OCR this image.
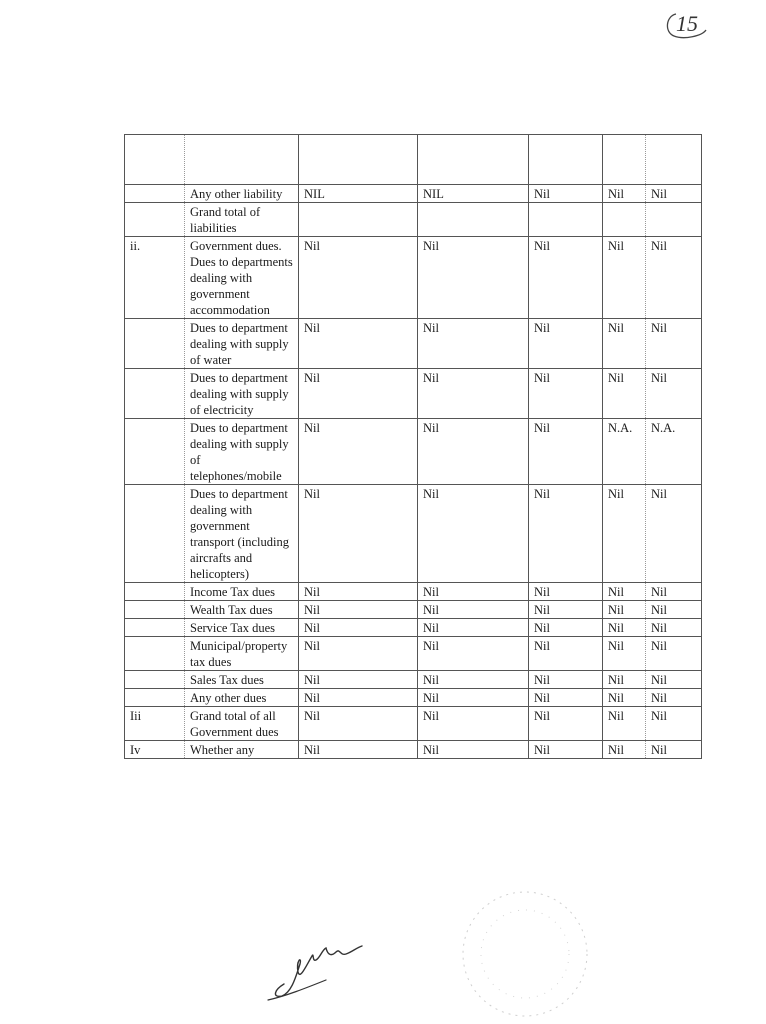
15

	Any other liability	NIL	NIL	Nil	Nil	Nil
	Grand total of liabilities					
ii.	Government dues. Dues to departments dealing with government accommodation	Nil	Nil	Nil	Nil	Nil
	Dues to department dealing with supply of water	Nil	Nil	Nil	Nil	Nil
	Dues to department dealing with supply of electricity	Nil	Nil	Nil	Nil	Nil
	Dues to department dealing with supply of telephones/mobile	Nil	Nil	Nil	N.A.	N.A.
	Dues to department dealing with government transport (including aircrafts and helicopters)	Nil	Nil	Nil	Nil	Nil
	Income Tax dues	Nil	Nil	Nil	Nil	Nil
	Wealth Tax dues	Nil	Nil	Nil	Nil	Nil
	Service Tax dues	Nil	Nil	Nil	Nil	Nil
	Municipal/property tax dues	Nil	Nil	Nil	Nil	Nil
	Sales Tax dues	Nil	Nil	Nil	Nil	Nil
	Any other dues	Nil	Nil	Nil	Nil	Nil
Iii	Grand total of all Government dues	Nil	Nil	Nil	Nil	Nil
Iv	Whether any	Nil	Nil	Nil	Nil	Nil
